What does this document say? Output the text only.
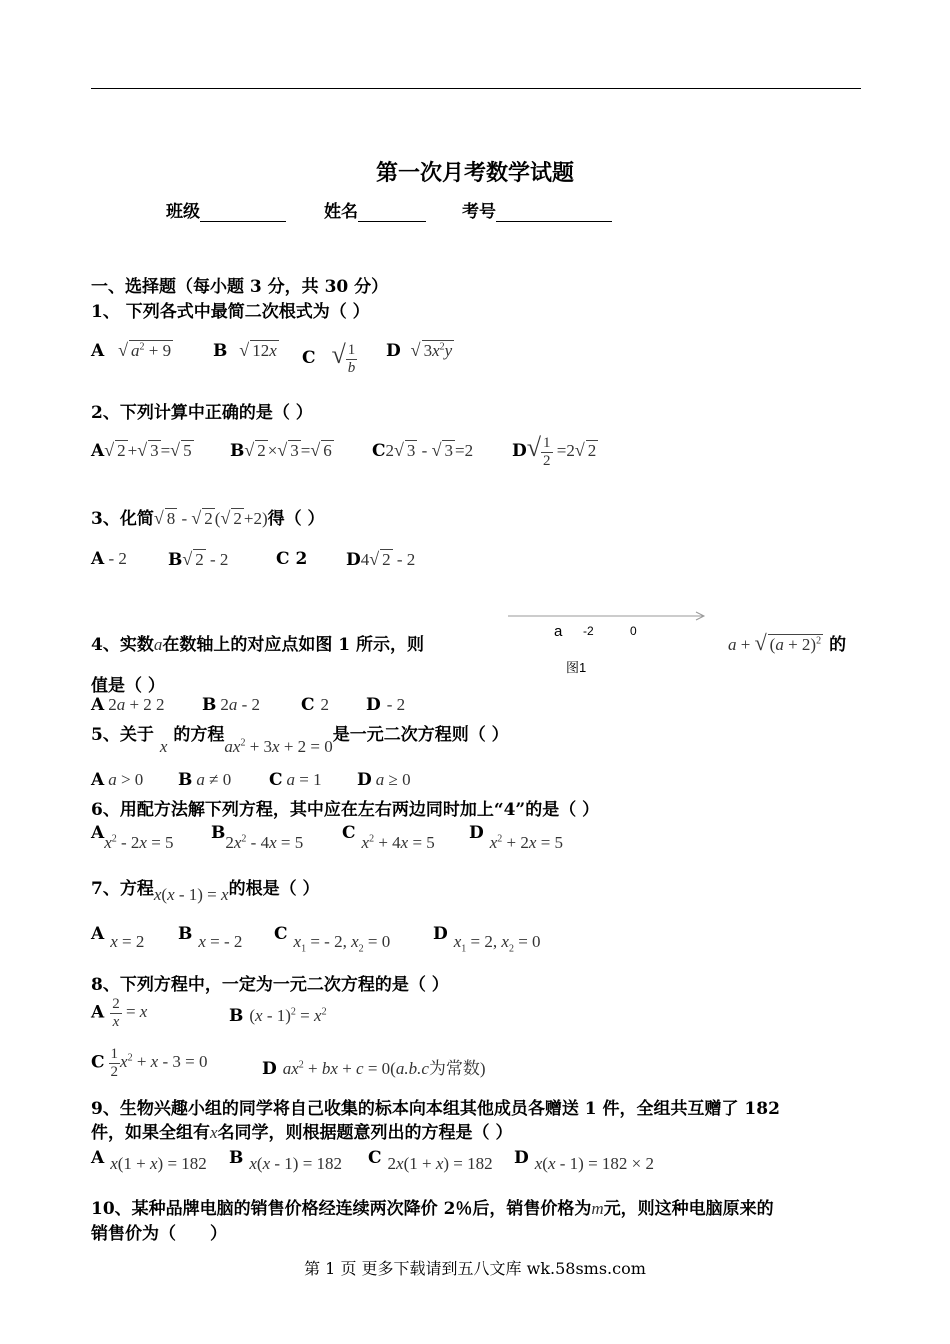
第一次月考数学试题
班级	姓名	考号
一、选择题（每小题 3 分，共 30 分）
1、 下列各式中最简二次根式为（ ）
A √ $a^2 + 9$ B √ 12x C √ $\frac{1}{b}$ D √ $3x^2y$
2、下列计算中正确的是（ ）
A√ 2 +√ 3 =√ 5 B√ 2 ×√ 3 =√ 6 C2√ 3 - √ 3 =2 $D√ \frac{1}{2} =2√$ 2
3、化简√ 8 - √ 2 (√ 2 +2)得（ ）
A - 2 B√ 2 - 2	C 2 D4√ 2 - 2
4、实数a在数轴上的对应点如图 1 所示，则
a -2	0
图1
a + √ $(a + 2)^2$ 的
值是（ ）
A 2a + 2 2 B 2a - 2 C 2 D - 2
5、关于x的方程$ax^2 + 3x + 2 = 0$是一元二次方程则（ ）
A a > 0 B a ≠ 0 C a = 1 D a ≥ 0
6、用配方法解下列方程，其中应在左右两边同时加上“4”的是（ ）
Ax$^2$ - 2x = 5 $B2x^2 - 4x = 5$ C $x^2 + 4x = 5$ D $x^2 + 2x = 5$
7、方程x(x - 1) = x的根是（ ）
A x = 2 B x = - 2 C $x_1$ = - 2, $x_2 = 0$	D $x_1 = 2$, $x_2 = 0$
8、下列方程中，一定为一元二次方程的是（ ）
A $\frac{2}{x} = x$	B $(x - 1)^2 = x^2$
C $\frac{1}{2} x^2 + x - 3 = 0$	D $ax^2$ + bx + c = 0(a.b.c为常数)
9、生物兴趣小组的同学将自己收集的标本向本组其他成员各赠送 1 件，全组共互赠了 182
件，如果全组有x名同学，则根据题意列出的方程是（ ）
A x(1 + x) = 182 B x(x - 1) = 182 C 2x(1 + x) = 182 D x(x - 1) = 182 × 2
10、某种品牌电脑的销售价格经连续两次降价 2％后，销售价格为m元，则这种电脑原来的
销售价为（　　）
第 1 页 更多下载请到五八文库 wk.58sms.com
